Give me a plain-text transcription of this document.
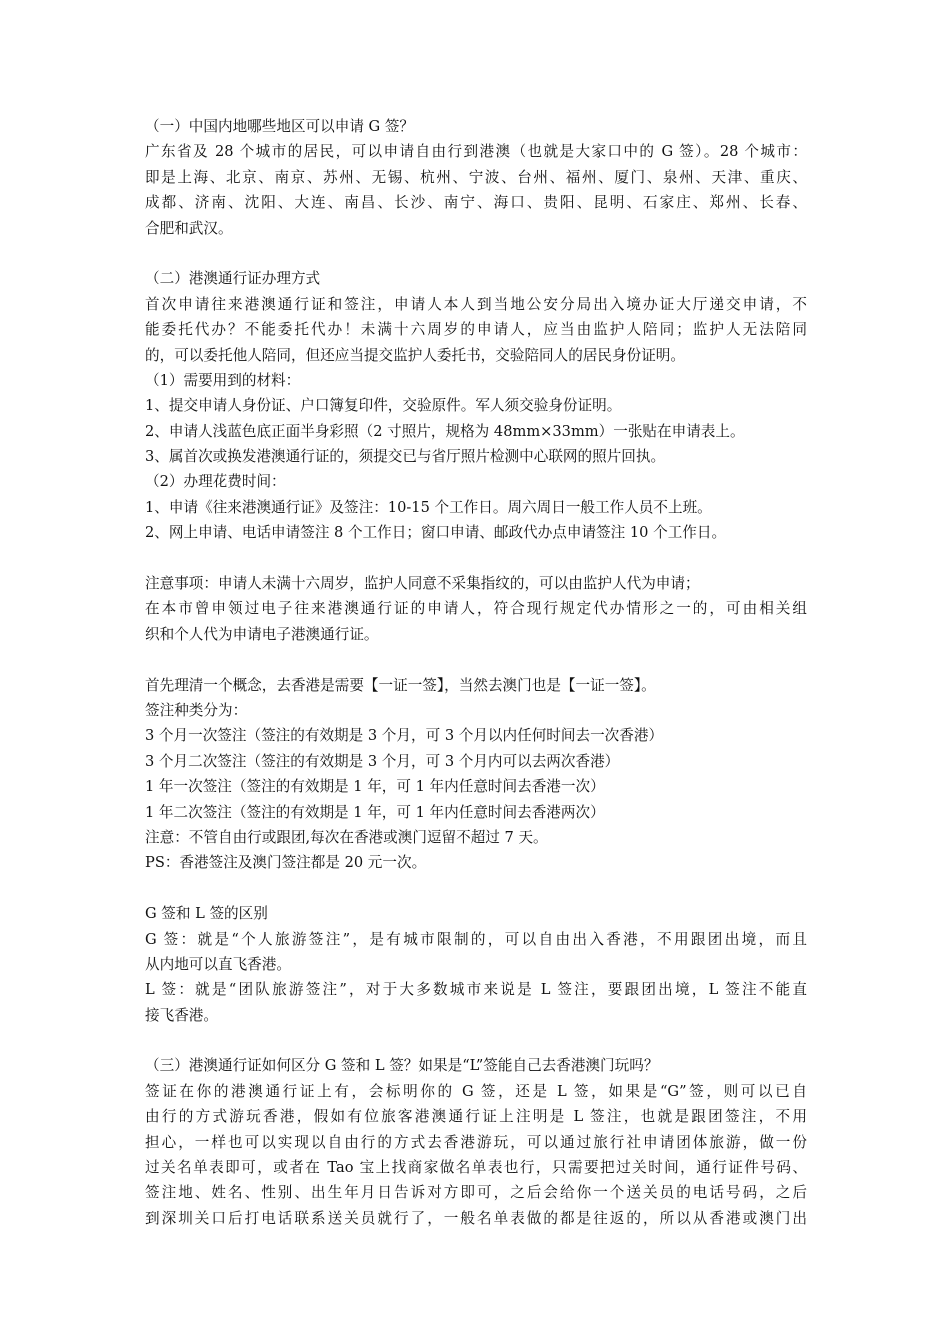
（一）中国内地哪些地区可以申请 G 签？
广东省及 28 个城市的居民，可以申请自由行到港澳（也就是大家口中的 G 签）。28 个城市：
即是上海、北京、南京、苏州、无锡、杭州、宁波、台州、福州、厦门、泉州、天津、重庆、
成都、济南、沈阳、大连、南昌、长沙、南宁、海口、贵阳、昆明、石家庄、郑州、长春、
合肥和武汉。
（二）港澳通行证办理方式
首次申请往来港澳通行证和签注，申请人本人到当地公安分局出入境办证大厅递交申请，不
能委托代办？不能委托代办！未满十六周岁的申请人，应当由监护人陪同；监护人无法陪同
的，可以委托他人陪同，但还应当提交监护人委托书，交验陪同人的居民身份证明。
（1）需要用到的材料：
1、提交申请人身份证、户口簿复印件，交验原件。军人须交验身份证明。
2、申请人浅蓝色底正面半身彩照（2 寸照片，规格为 48mm×33mm）一张贴在申请表上。
3、属首次或换发港澳通行证的，须提交已与省厅照片检测中心联网的照片回执。
（2）办理花费时间：
1、申请《往来港澳通行证》及签注：10-15 个工作日。周六周日一般工作人员不上班。
2、网上申请、电话申请签注 8 个工作日；窗口申请、邮政代办点申请签注 10 个工作日。
注意事项：申请人未满十六周岁，监护人同意不采集指纹的，可以由监护人代为申请；
在本市曾申领过电子往来港澳通行证的申请人，符合现行规定代办情形之一的，可由相关组
织和个人代为申请电子港澳通行证。
首先理清一个概念，去香港是需要【一证一签】，当然去澳门也是【一证一签】。
签注种类分为：
3 个月一次签注（签注的有效期是 3 个月，可 3 个月以内任何时间去一次香港）
3 个月二次签注（签注的有效期是 3 个月，可 3 个月内可以去两次香港）
1 年一次签注（签注的有效期是 1 年，可 1 年内任意时间去香港一次）
1 年二次签注（签注的有效期是 1 年，可 1 年内任意时间去香港两次）
注意：不管自由行或跟团,每次在香港或澳门逗留不超过 7 天。
PS：香港签注及澳门签注都是 20 元一次。
G 签和 L 签的区别
G 签：就是“个人旅游签注”，是有城市限制的，可以自由出入香港，不用跟团出境，而且
从内地可以直飞香港。
L 签：就是“团队旅游签注”，对于大多数城市来说是 L 签注，要跟团出境，L 签注不能直
接飞香港。
（三）港澳通行证如何区分 G 签和 L 签？如果是“L”签能自己去香港澳门玩吗？
签证在你的港澳通行证上有，会标明你的 G 签，还是 L 签，如果是“G”签，则可以已自
由行的方式游玩香港，假如有位旅客港澳通行证上注明是 L 签注，也就是跟团签注，不用
担心，一样也可以实现以自由行的方式去香港游玩，可以通过旅行社申请团体旅游，做一份
过关名单表即可，或者在 Tao 宝上找商家做名单表也行，只需要把过关时间，通行证件号码、
签注地、姓名、性别、出生年月日告诉对方即可，之后会给你一个送关员的电话号码，之后
到深圳关口后打电话联系送关员就行了，一般名单表做的都是往返的，所以从香港或澳门出
